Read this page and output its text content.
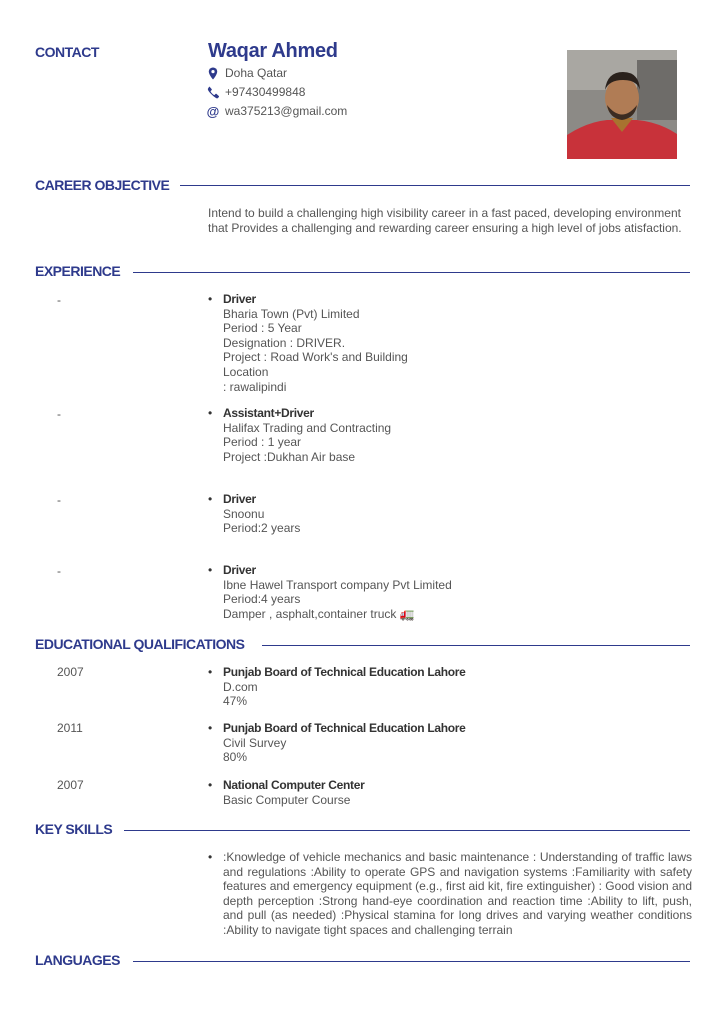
CONTACT	Waqar Ahmed
Doha Qatar
+97430499848
@ wa375213@gmail.com
CAREER OBJECTIVE
Intend to build a challenging high visibility career in a fast paced, developing environment that Provides a challenging and rewarding career ensuring a high level of jobs atisfaction.
EXPERIENCE
-	• Driver
Bharia Town (Pvt) Limited
Period : 5 Year
Designation : DRIVER.
Project : Road Work's and Building
Location
: rawalipindi
-	• Assistant+Driver
Halifax Trading and Contracting
Period : 1 year
Project :Dukhan Air base
-	• Driver
Snoonu
Period:2 years
-	• Driver
Ibne Hawel Transport company Pvt Limited
Period:4 years
Damper , asphalt,container truck 🚛
EDUCATIONAL QUALIFICATIONS
2007	• Punjab Board of Technical Education Lahore
D.com
47%
2011	• Punjab Board of Technical Education Lahore
Civil Survey
80%
2007	• National Computer Center
Basic Computer Course
KEY SKILLS
• :Knowledge of vehicle mechanics and basic maintenance : Understanding of traffic laws and regulations :Ability to operate GPS and navigation systems :Familiarity with safety features and emergency equipment (e.g., first aid kit, fire extinguisher) : Good vision and depth perception :Strong hand-eye coordination and reaction time :Ability to lift, push, and pull (as needed) :Physical stamina for long drives and varying weather conditions :Ability to navigate tight spaces and challenging terrain
LANGUAGES
